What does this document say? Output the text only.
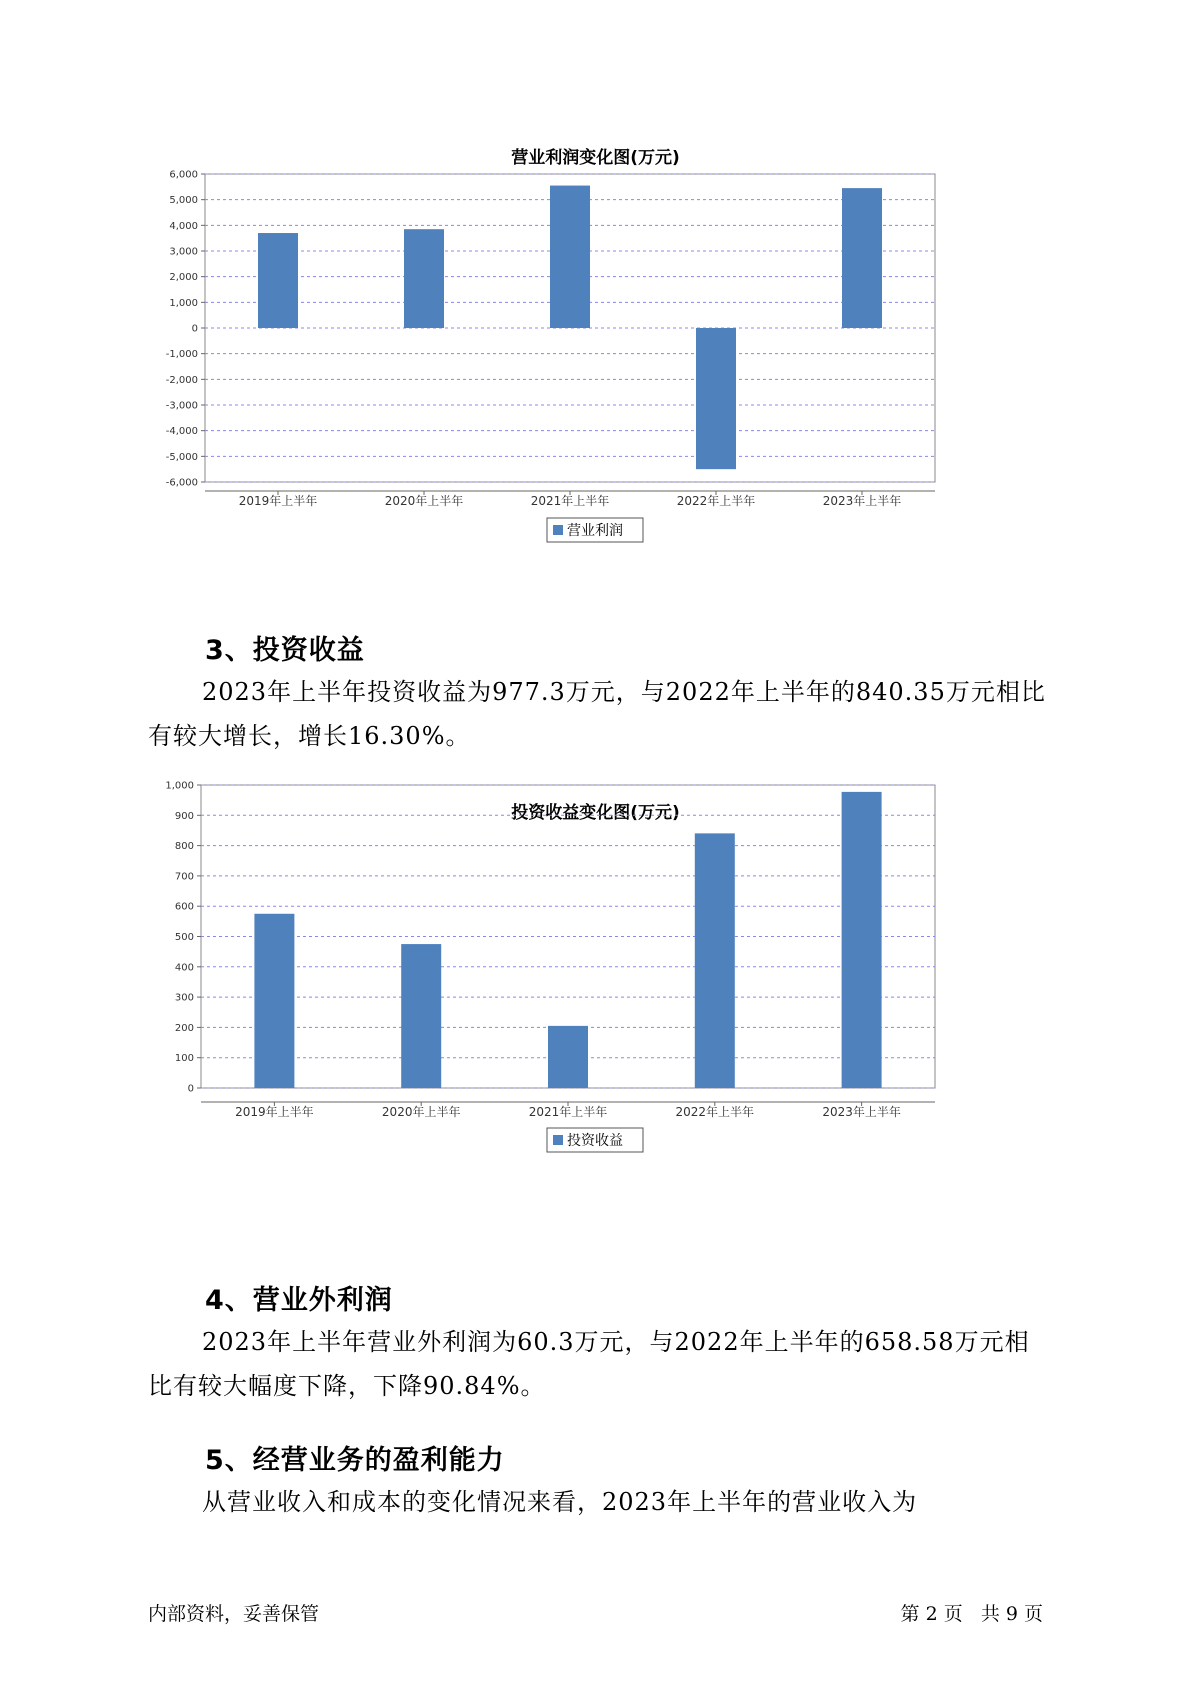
营业利润变化图(万元)
-6,000
-5,000
-4,000
-3,000
-2,000
-1,000
0
1,000
2,000
3,000
4,000
5,000
6,000
2019年上半年	2020年上半年	2021年上半年	2022年上半年	2023年上半年
营业利润
3、投资收益

2023年上半年投资收益为977.3万元，与2022年上半年的840.35万元相比有较大增长，增长16.30%。

投资收益变化图(万元)
0
100
200
300
400
500
600
700
800
900
1,000
2019年上半年	2020年上半年	2021年上半年	2022年上半年	2023年上半年
投资收益
4、营业外利润

2023年上半年营业外利润为60.3万元，与2022年上半年的658.58万元相比有较大幅度下降，下降90.84%。

5、经营业务的盈利能力

从营业收入和成本的变化情况来看，2023年上半年的营业收入为

内部资料，妥善保管	第 2 页   共 9 页
